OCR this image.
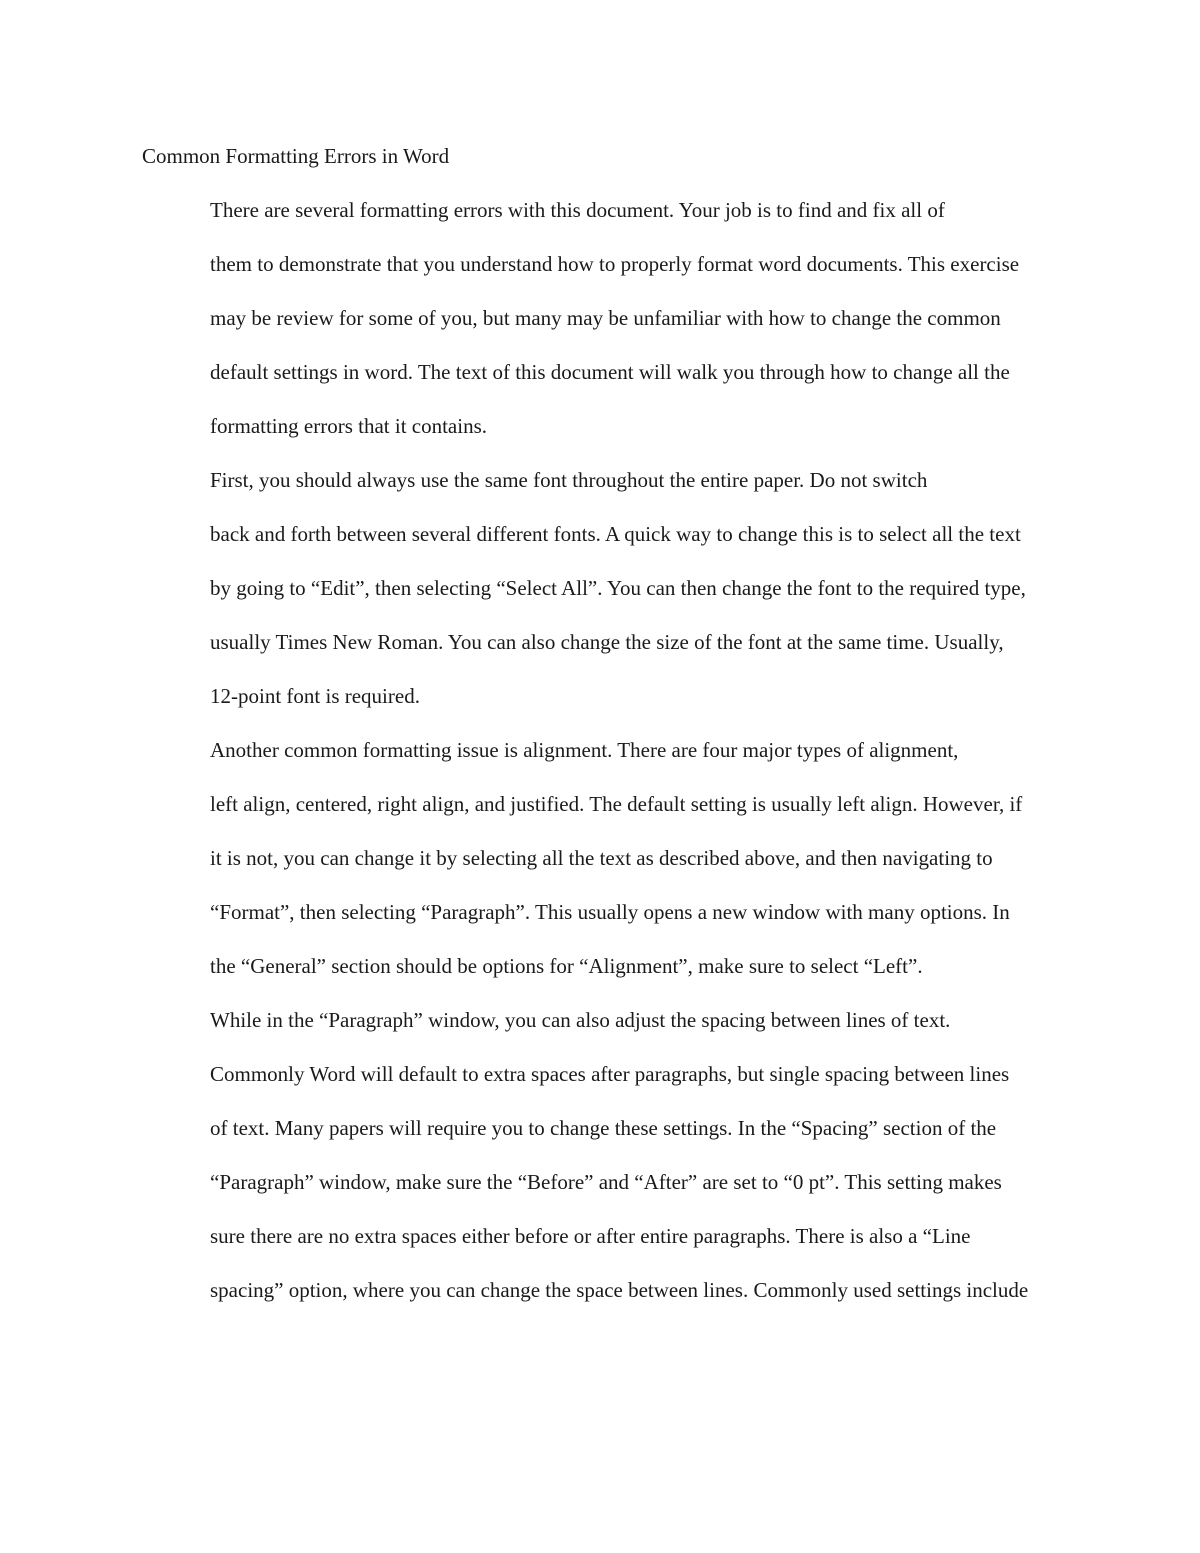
Common Formatting Errors in Word

There are several formatting errors with this document. Your job is to find and fix all of
them to demonstrate that you understand how to properly format word documents. This exercise
may be review for some of you, but many may be unfamiliar with how to change the common
default settings in word. The text of this document will walk you through how to change all the
formatting errors that it contains.

First, you should always use the same font throughout the entire paper. Do not switch
back and forth between several different fonts. A quick way to change this is to select all the text
by going to “Edit”, then selecting “Select All”. You can then change the font to the required type,
usually Times New Roman. You can also change the size of the font at the same time. Usually,
12-point font is required.

Another common formatting issue is alignment. There are four major types of alignment,
left align, centered, right align, and justified. The default setting is usually left align. However, if
it is not, you can change it by selecting all the text as described above, and then navigating to
“Format”, then selecting “Paragraph”. This usually opens a new window with many options. In
the “General” section should be options for “Alignment”, make sure to select “Left”.

While in the “Paragraph” window, you can also adjust the spacing between lines of text.
Commonly Word will default to extra spaces after paragraphs, but single spacing between lines
of text. Many papers will require you to change these settings. In the “Spacing” section of the
“Paragraph” window, make sure the “Before” and “After” are set to “0 pt”. This setting makes
sure there are no extra spaces either before or after entire paragraphs. There is also a “Line
spacing” option, where you can change the space between lines. Commonly used settings include
